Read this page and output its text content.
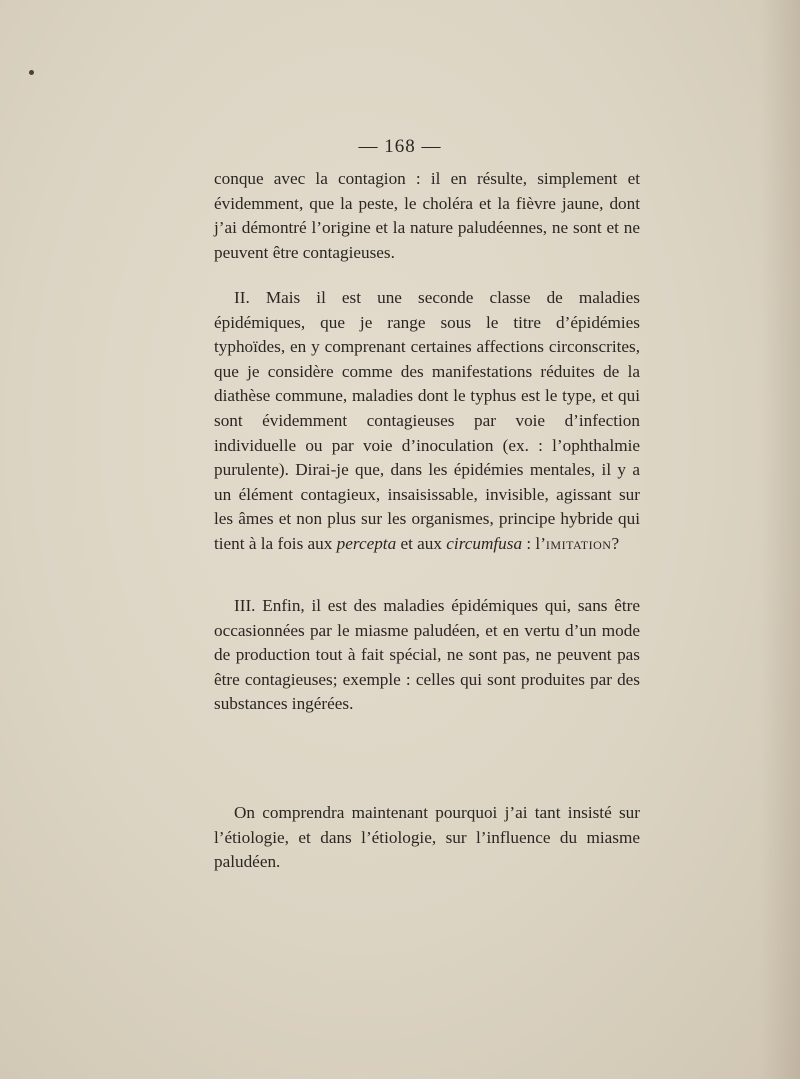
— 168 —

conque avec la contagion : il en résulte, simplement et évidemment, que la peste, le choléra et la fièvre jaune, dont j’ai démontré l’origine et la nature paludéennes, ne sont et ne peuvent être contagieuses.

II. Mais il est une seconde classe de maladies épidémiques, que je range sous le titre d’épidémies typhoïdes, en y comprenant certaines affections circonscrites, que je considère comme des manifestations réduites de la diathèse commune, maladies dont le typhus est le type, et qui sont évidemment contagieuses par voie d’infection individuelle ou par voie d’inoculation (ex. : l’ophthalmie purulente). Dirai-je que, dans les épidémies mentales, il y a un élément contagieux, insaisissable, invisible, agissant sur les âmes et non plus sur les organismes, principe hybride qui tient à la fois aux percepta et aux circumfusa : l’imitation?

III. Enfin, il est des maladies épidémiques qui, sans être occasionnées par le miasme paludéen, et en vertu d’un mode de production tout à fait spécial, ne sont pas, ne peuvent pas être contagieuses; exemple : celles qui sont produites par des substances ingérées.

On comprendra maintenant pourquoi j’ai tant insisté sur l’étiologie, et dans l’étiologie, sur l’influence du miasme paludéen.
